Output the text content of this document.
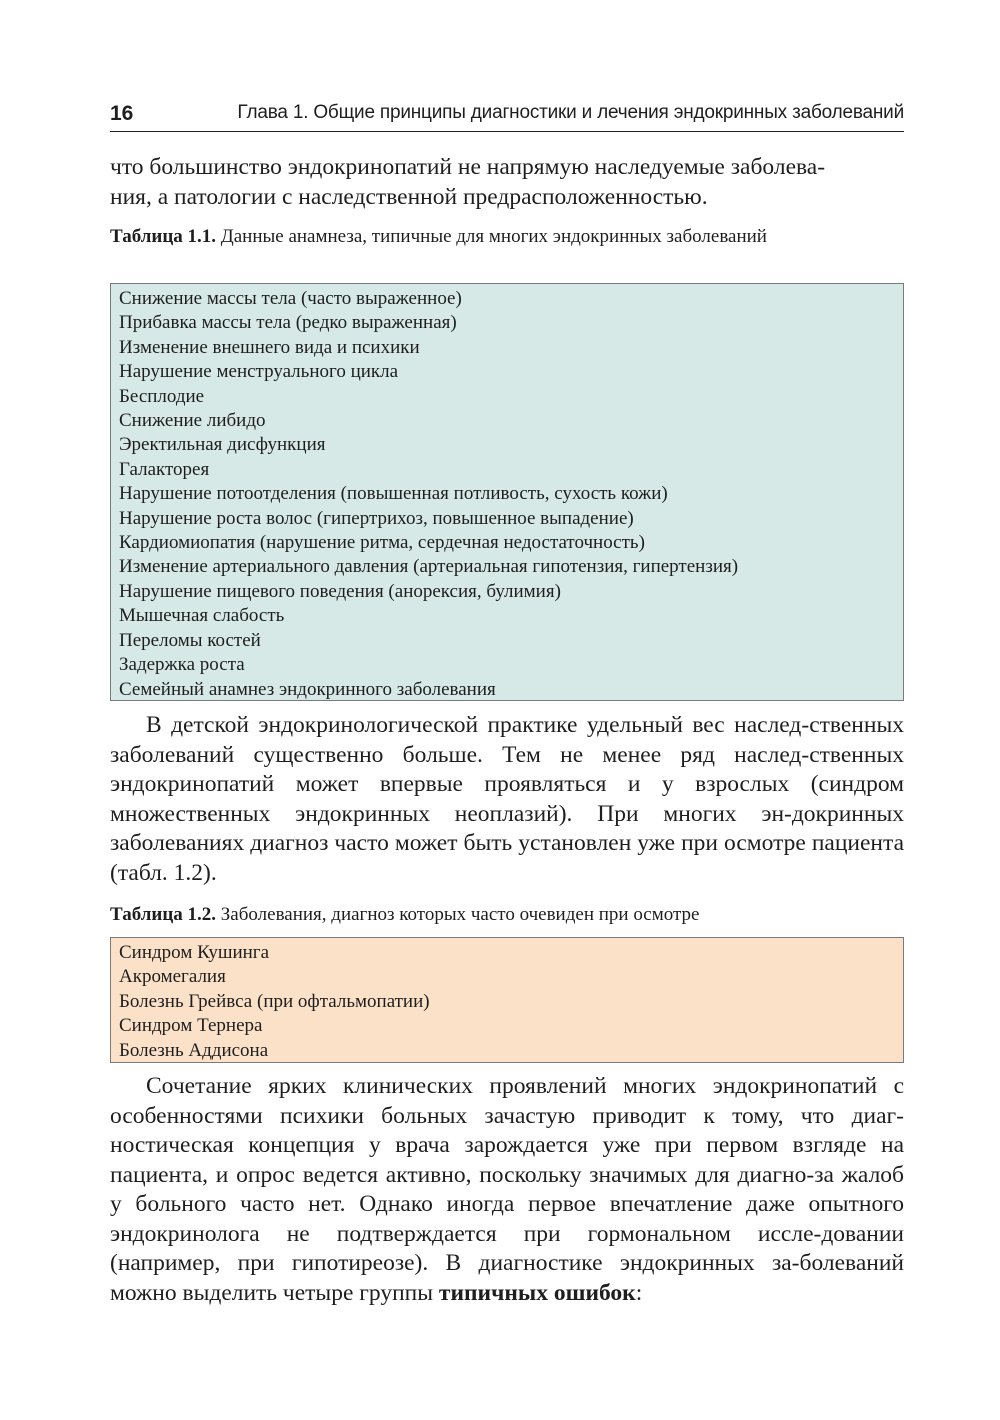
16	Глава 1. Общие принципы диагностики и лечения эндокринных заболеваний
что большинство эндокринопатий не напрямую наследуемые заболева-
ния, а патологии с наследственной предрасположенностью.
Таблица 1.1. Данные анамнеза, типичные для многих эндокринных заболеваний
Снижение массы тела (часто выраженное)
Прибавка массы тела (редко выраженная)
Изменение внешнего вида и психики
Нарушение менструального цикла
Бесплодие
Снижение либидо
Эректильная дисфункция
Галакторея
Нарушение потоотделения (повышенная потливость, сухость кожи)
Нарушение роста волос (гипертрихоз, повышенное выпадение)
Кардиомиопатия (нарушение ритма, сердечная недостаточность)
Изменение артериального давления (артериальная гипотензия, гипертензия)
Нарушение пищевого поведения (анорексия, булимия)
Мышечная слабость
Переломы костей
Задержка роста
Семейный анамнез эндокринного заболевания
В детской эндокринологической практике удельный вес наслед-ственных заболеваний существенно больше. Тем не менее ряд наслед-ственных эндокринопатий может впервые проявляться и у взрослых (синдром множественных эндокринных неоплазий). При многих эн-докринных заболеваниях диагноз часто может быть установлен уже при осмотре пациента (табл. 1.2).
Таблица 1.2. Заболевания, диагноз которых часто очевиден при осмотре
Синдром Кушинга
Акромегалия
Болезнь Грейвса (при офтальмопатии)
Синдром Тернера
Болезнь Аддисона
Сочетание ярких клинических проявлений многих эндокринопатий с особенностями психики больных зачастую приводит к тому, что диаг-ностическая концепция у врача зарождается уже при первом взгляде на пациента, и опрос ведется активно, поскольку значимых для диагно-за жалоб у больного часто нет. Однако иногда первое впечатление даже опытного эндокринолога не подтверждается при гормональном иссле-довании (например, при гипотиреозе). В диагностике эндокринных за-болеваний можно выделить четыре группы типичных ошибок:
